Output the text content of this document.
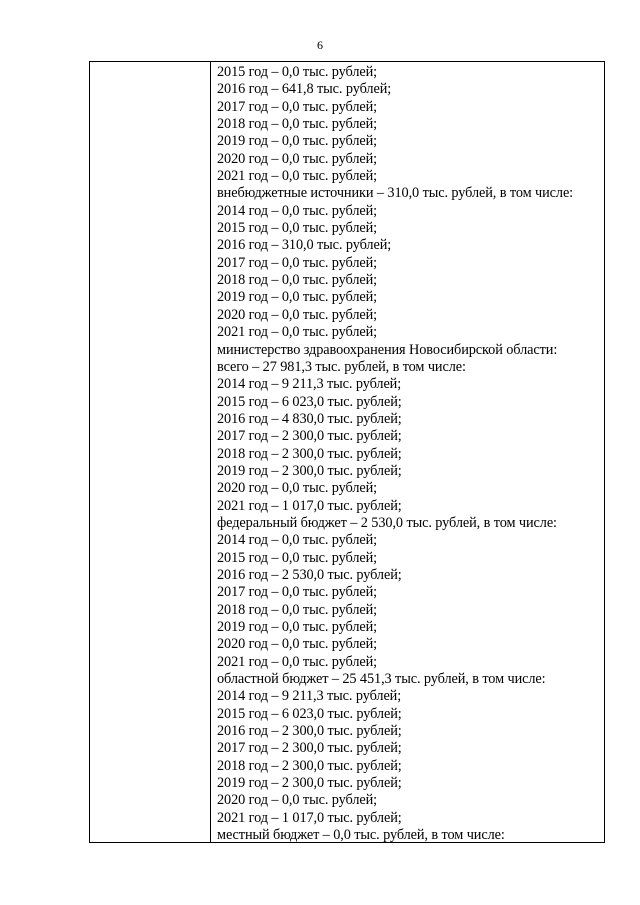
6
2015 год – 0,0 тыс. рублей;
2016 год – 641,8 тыс. рублей;
2017 год – 0,0 тыс. рублей;
2018 год – 0,0 тыс. рублей;
2019 год – 0,0 тыс. рублей;
2020 год – 0,0 тыс. рублей;
2021 год – 0,0 тыс. рублей;
внебюджетные источники – 310,0 тыс. рублей, в том числе:
2014 год – 0,0 тыс. рублей;
2015 год – 0,0 тыс. рублей;
2016 год – 310,0 тыс. рублей;
2017 год – 0,0 тыс. рублей;
2018 год – 0,0 тыс. рублей;
2019 год – 0,0 тыс. рублей;
2020 год – 0,0 тыс. рублей;
2021 год – 0,0 тыс. рублей;
министерство здравоохранения Новосибирской области:
всего – 27 981,3 тыс. рублей, в том числе:
2014 год – 9 211,3 тыс. рублей;
2015 год – 6 023,0 тыс. рублей;
2016 год – 4 830,0 тыс. рублей;
2017 год – 2 300,0 тыс. рублей;
2018 год – 2 300,0 тыс. рублей;
2019 год – 2 300,0 тыс. рублей;
2020 год – 0,0 тыс. рублей;
2021 год – 1 017,0 тыс. рублей;
федеральный бюджет – 2 530,0 тыс. рублей, в том числе:
2014 год – 0,0 тыс. рублей;
2015 год – 0,0 тыс. рублей;
2016 год – 2 530,0 тыс. рублей;
2017 год – 0,0 тыс. рублей;
2018 год – 0,0 тыс. рублей;
2019 год – 0,0 тыс. рублей;
2020 год – 0,0 тыс. рублей;
2021 год – 0,0 тыс. рублей;
областной бюджет – 25 451,3 тыс. рублей, в том числе:
2014 год – 9 211,3 тыс. рублей;
2015 год – 6 023,0 тыс. рублей;
2016 год – 2 300,0 тыс. рублей;
2017 год – 2 300,0 тыс. рублей;
2018 год – 2 300,0 тыс. рублей;
2019 год – 2 300,0 тыс. рублей;
2020 год – 0,0 тыс. рублей;
2021 год – 1 017,0 тыс. рублей;
местный бюджет – 0,0 тыс. рублей, в том числе:
